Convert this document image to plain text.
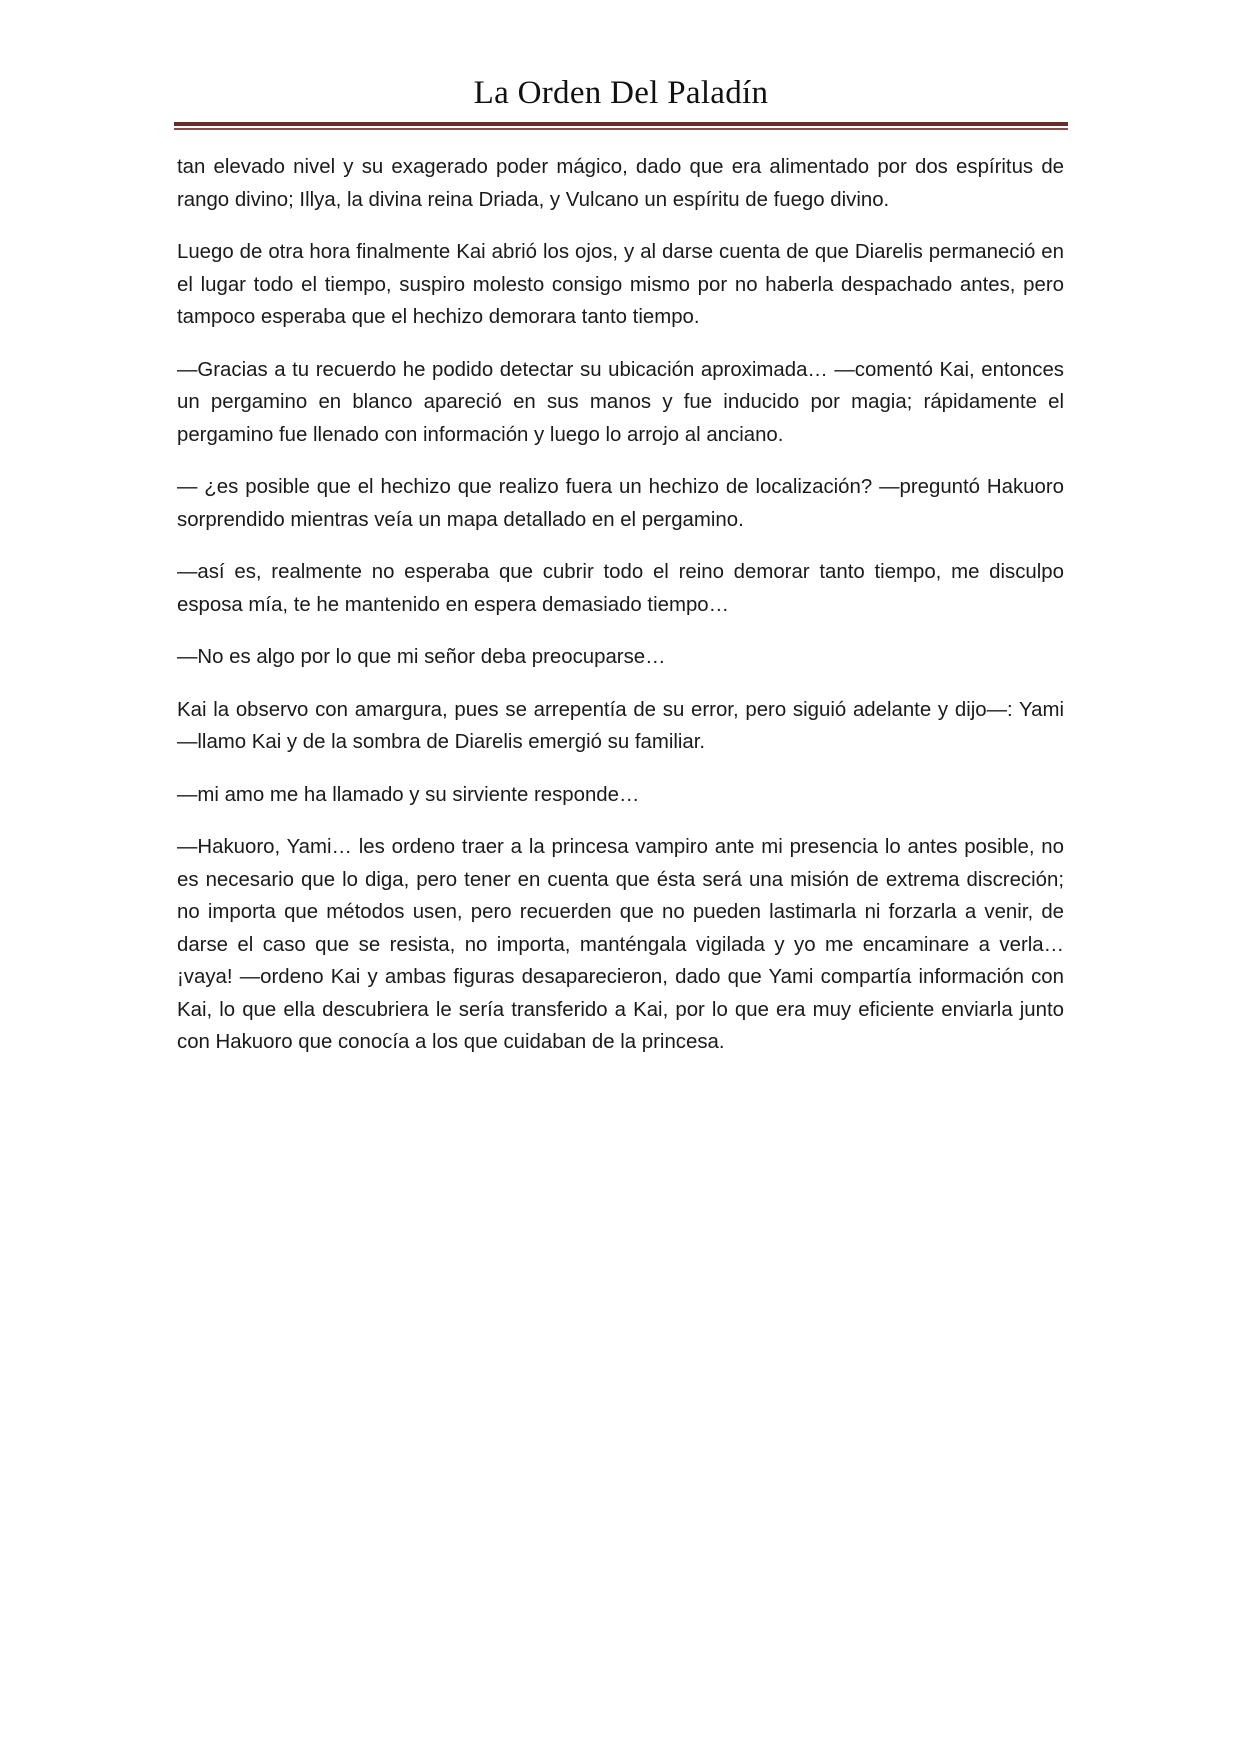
La Orden Del Paladín

tan elevado nivel y su exagerado poder mágico, dado que era alimentado por dos espíritus de rango divino; Illya, la divina reina Driada, y Vulcano un espíritu de fuego divino.

Luego de otra hora finalmente Kai abrió los ojos, y al darse cuenta de que Diarelis permaneció en el lugar todo el tiempo, suspiro molesto consigo mismo por no haberla despachado antes, pero tampoco esperaba que el hechizo demorara tanto tiempo.

—Gracias a tu recuerdo he podido detectar su ubicación aproximada… —comentó Kai, entonces un pergamino en blanco apareció en sus manos y fue inducido por magia; rápidamente el pergamino fue llenado con información y luego lo arrojo al anciano.

— ¿es posible que el hechizo que realizo fuera un hechizo de localización? —preguntó Hakuoro sorprendido mientras veía un mapa detallado en el pergamino.

—así es, realmente no esperaba que cubrir todo el reino demorar tanto tiempo, me disculpo esposa mía, te he mantenido en espera demasiado tiempo…

—No es algo por lo que mi señor deba preocuparse…

Kai la observo con amargura, pues se arrepentía de su error, pero siguió adelante y dijo—: Yami —llamo Kai y de la sombra de Diarelis emergió su familiar.

—mi amo me ha llamado y su sirviente responde…

—Hakuoro, Yami… les ordeno traer a la princesa vampiro ante mi presencia lo antes posible, no es necesario que lo diga, pero tener en cuenta que ésta será una misión de extrema discreción; no importa que métodos usen, pero recuerden que no pueden lastimarla ni forzarla a venir, de darse el caso que se resista, no importa, manténgala vigilada y yo me encaminare a verla… ¡vaya! —ordeno Kai y ambas figuras desaparecieron, dado que Yami compartía información con Kai, lo que ella descubriera le sería transferido a Kai, por lo que era muy eficiente enviarla junto con Hakuoro que conocía a los que cuidaban de la princesa.
